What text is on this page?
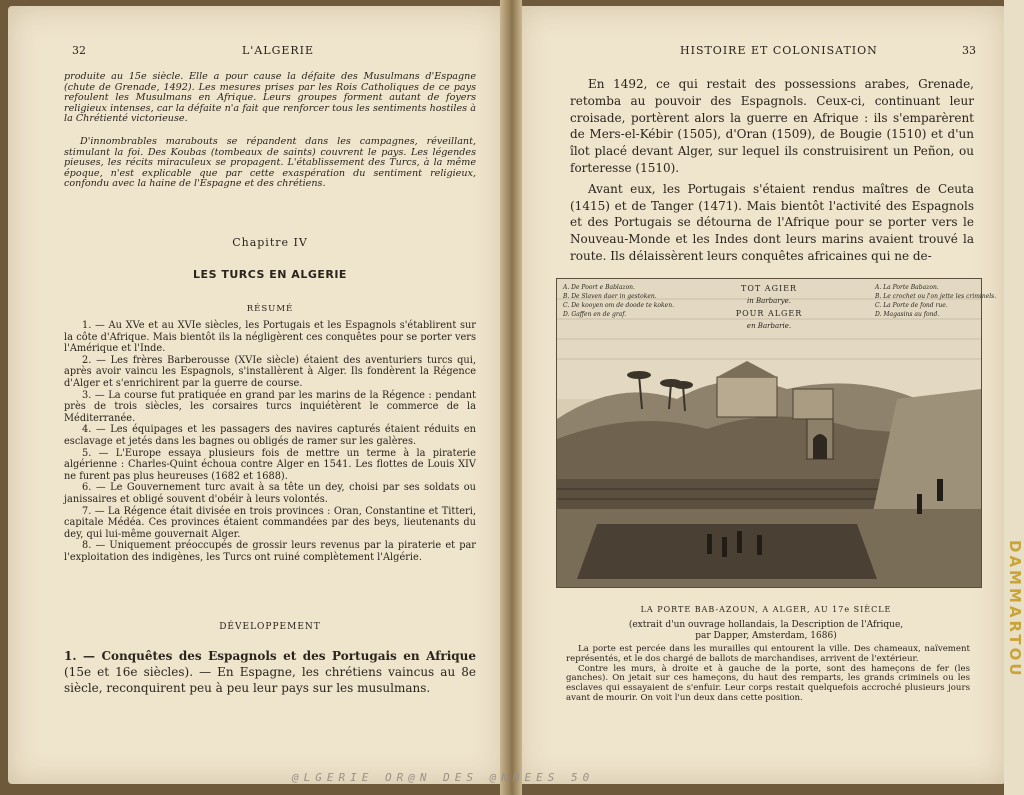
DAMMARTOU
32	L'ALGERIE
produite au 15e siècle. Elle a pour cause la défaite des Musulmans d'Espagne (chute de Grenade, 1492). Les mesures prises par les Rois Catholiques de ce pays refoulent les Musulmans en Afrique. Leurs groupes forment autant de foyers religieux intenses, car la défaite n'a fait que renforcer tous les sentiments hostiles à la Chrétienté victorieuse.
D'innombrables marabouts se répandent dans les campagnes, réveillant, stimulant la foi. Des Koubas (tombeaux de saints) couvrent le pays. Les légendes pieuses, les récits miraculeux se propagent. L'établissement des Turcs, à la même époque, n'est explicable que par cette exaspération du sentiment religieux, confondu avec la haine de l'Espagne et des chrétiens.
Chapitre IV
LES TURCS EN ALGERIE
RÉSUMÉ

1. — Au XVe et au XVIe siècles, les Portugais et les Espagnols s'établirent sur la côte d'Afrique. Mais bientôt ils la négligèrent ces conquêtes pour se porter vers l'Amérique et l'Inde.

2. — Les frères Barberousse (XVIe siècle) étaient des aventuriers turcs qui, après avoir vaincu les Espagnols, s'installèrent à Alger. Ils fondèrent la Régence d'Alger et s'enrichirent par la guerre de course.

3. — La course fut pratiquée en grand par les marins de la Régence : pendant près de trois siècles, les corsaires turcs inquiétèrent le commerce de la Méditerranée.

4. — Les équipages et les passagers des navires capturés étaient réduits en esclavage et jetés dans les bagnes ou obligés de ramer sur les galères.

5. — L'Europe essaya plusieurs fois de mettre un terme à la piraterie algérienne : Charles-Quint échoua contre Alger en 1541. Les flottes de Louis XIV ne furent pas plus heureuses (1682 et 1688).

6. — Le Gouvernement turc avait à sa tête un dey, choisi par ses soldats ou janissaires et obligé souvent d'obéir à leurs volontés.

7. — La Régence était divisée en trois provinces : Oran, Constantine et Titteri, capitale Médéa. Ces provinces étaient commandées par des beys, lieutenants du dey, qui lui-même gouvernait Alger.

8. — Uniquement préoccupés de grossir leurs revenus par la piraterie et par l'exploitation des indigènes, les Turcs ont ruiné complètement l'Algérie.

DÉVELOPPEMENT
1. — Conquêtes des Espagnols et des Portugais en Afrique (15e et 16e siècles). — En Espagne, les chrétiens vaincus au 8e siècle, reconquirent peu à peu leur pays sur les musulmans.
HISTOIRE ET COLONISATION	33

En 1492, ce qui restait des possessions arabes, Grenade, retomba au pouvoir des Espagnols. Ceux-ci, continuant leur croisade, portèrent alors la guerre en Afrique : ils s'emparèrent de Mers-el-Kébir (1505), d'Oran (1509), de Bougie (1510) et d'un îlot placé devant Alger, sur lequel ils construisirent un Peñon, ou forteresse (1510).

Avant eux, les Portugais s'étaient rendus maîtres de Ceuta (1415) et de Tanger (1471). Mais bientôt l'activité des Espagnols et des Portugais se détourna de l'Afrique pour se porter vers le Nouveau-Monde et les Indes dont leurs marins avaient trouvé la route. Ils délaissèrent leurs conquêtes africaines qui ne de-

A. De Poort e Bablazon.
B. De Slaven daer in gestoken.
C. De kooyen om de doode te koken.
D. Gaffen en de graf.
A. La Porte Babazon.
B. Le crochet ou l'on jette les criminels.
C. La Porte de fond rue.
D. Magasins au fond.
TOT AGIER
in Barbarye.
POUR ALGER
en Barbarie.
LA PORTE BAB-AZOUN, A ALGER, AU 17e SIÈCLE
(extrait d'un ouvrage hollandais, la Description de l'Afrique,
par Dapper, Amsterdam, 1686)

La porte est percée dans les murailles qui entourent la ville. Des chameaux, naïvement représentés, et le dos chargé de ballots de marchandises, arrivent de l'extérieur.

Contre les murs, à droite et à gauche de la porte, sont des hameçons de fer (les ganches). On jetait sur ces hameçons, du haut des remparts, les grands criminels ou les esclaves qui essayaient de s'enfuir. Leur corps restait quelquefois accroché plusieurs jours avant de mourir. On voit l'un deux dans cette position.

@LGERIE OR@N DES @NNEES 50
